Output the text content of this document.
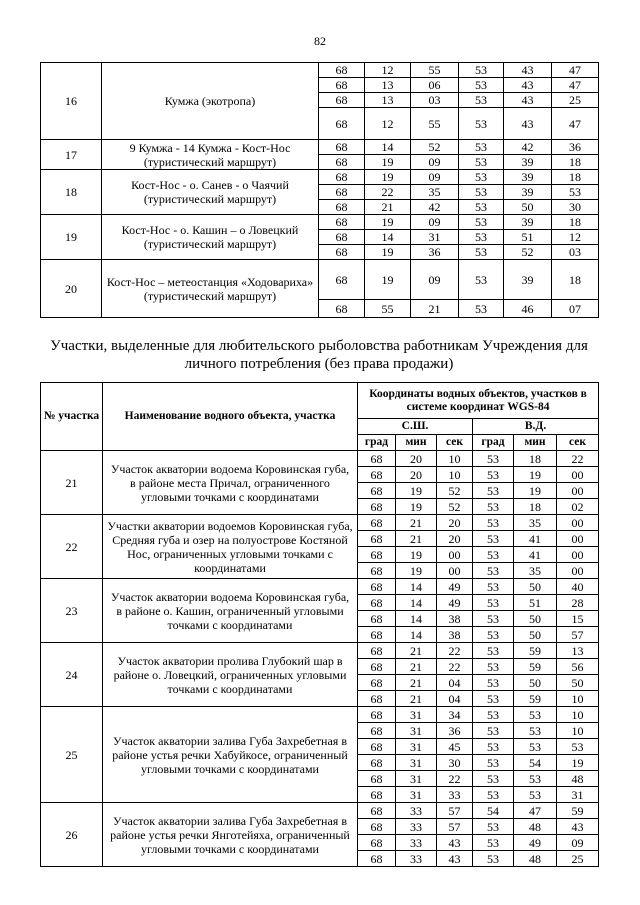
82
16	Кумжа (экотропа)	68	12	55	53	43	47
		68	13	06	53	43	47
		68	13	03	53	43	25
		68	12	55	53	43	47
17	9 Кумжа - 14 Кумжа - Кост-Нос (туристический маршрут)	68	14	52	53	42	36
		68	19	09	53	39	18
18	Кост-Нос - о. Санев - о Чаячий (туристический маршрут)	68	19	09	53	39	18
		68	22	35	53	39	53
		68	21	42	53	50	30
19	Кост-Нос - о. Кашин – о Ловецкий (туристический маршрут)	68	19	09	53	39	18
		68	14	31	53	51	12
		68	19	36	53	52	03
20	Кост-Нос – метеостанция «Ходовариха» (туристический маршрут)	68	19	09	53	39	18
		68	55	21	53	46	07
Участки, выделенные для любительского рыболовства работникам Учреждения для личного потребления (без права продажи)
№ участка	Наименование водного объекта, участка	Координаты водных объектов, участков в системе координат WGS-84					
		С.Ш.			В.Д.		
		град	мин	сек	град	мин	сек
21	Участок акватории водоема Коровинская губа, в районе места Причал, ограниченного угловыми точками с координатами	68	20	10	53	18	22
		68	20	10	53	19	00
		68	19	52	53	19	00
		68	19	52	53	18	02
22	Участки акватории водоемов Коровинская губа, Средняя губа и озер на полуострове Костяной Нос, ограниченных угловыми точками с координатами	68	21	20	53	35	00
		68	21	20	53	41	00
		68	19	00	53	41	00
		68	19	00	53	35	00
23	Участок акватории водоема Коровинская губа, в районе о. Кашин, ограниченный угловыми точками с координатами	68	14	49	53	50	40
		68	14	49	53	51	28
		68	14	38	53	50	15
		68	14	38	53	50	57
24	Участок акватории пролива Глубокий шар в районе о. Ловецкий, ограниченных угловыми точками с координатами	68	21	22	53	59	13
		68	21	22	53	59	56
		68	21	04	53	50	50
		68	21	04	53	59	10
25	Участок акватории залива Губа Захребетная в районе устья речки Хабуйкосе, ограниченный угловыми точками с координатами	68	31	34	53	53	10
		68	31	36	53	53	10
		68	31	45	53	53	53
		68	31	30	53	54	19
		68	31	22	53	53	48
		68	31	33	53	53	31
26	Участок акватории залива Губа Захребетная в районе устья речки Янготейяха, ограниченный угловыми точками с координатами	68	33	57	54	47	59
		68	33	57	53	48	43
		68	33	43	53	49	09
		68	33	43	53	48	25
